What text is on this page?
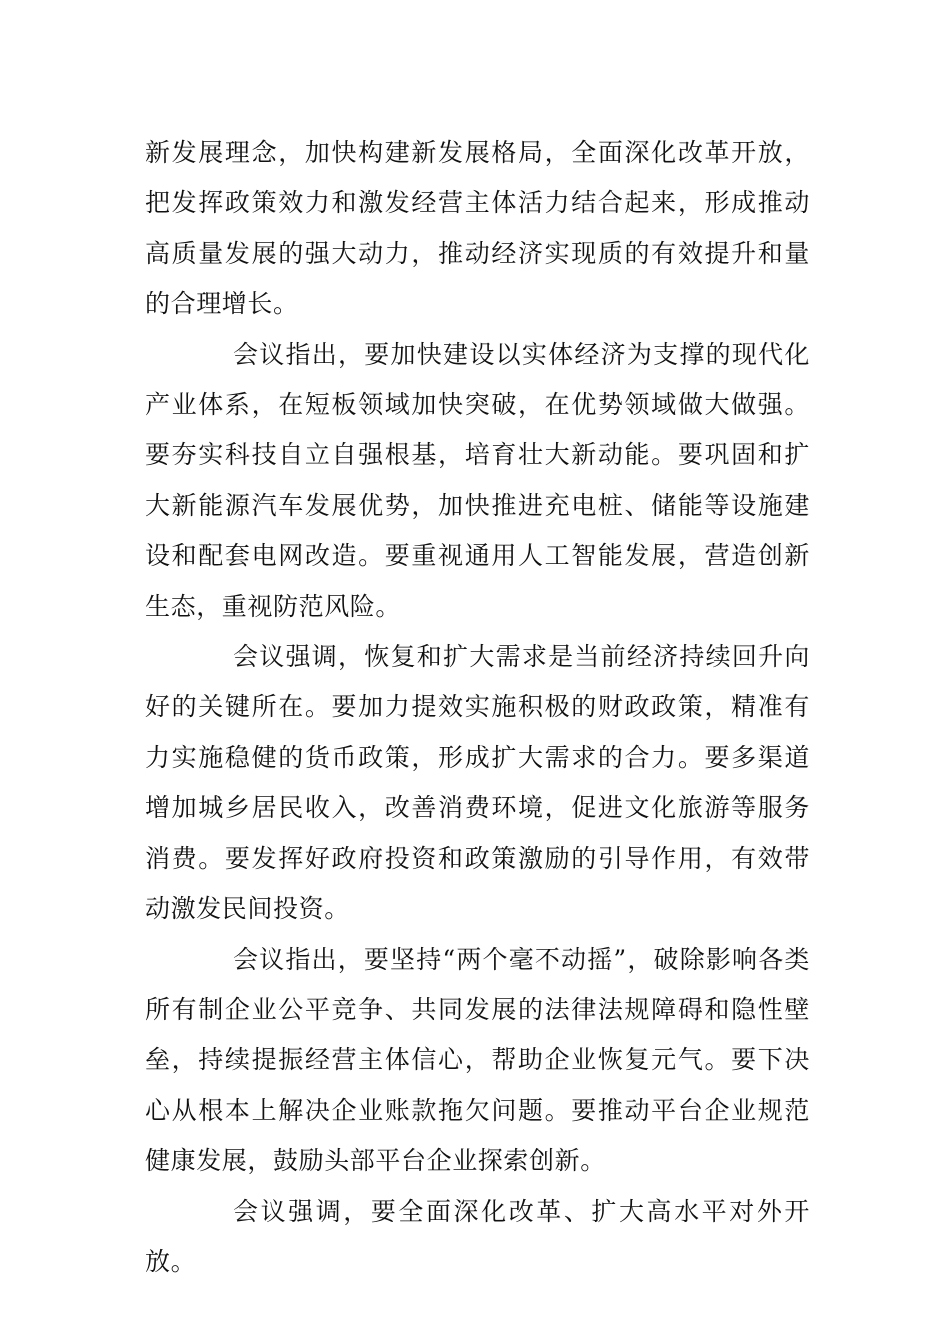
新发展理念，加快构建新发展格局，全面深化改革开放，把发挥政策效力和激发经营主体活力结合起来，形成推动高质量发展的强大动力，推动经济实现质的有效提升和量的合理增长。

会议指出，要加快建设以实体经济为支撑的现代化产业体系，在短板领域加快突破，在优势领域做大做强。要夯实科技自立自强根基，培育壮大新动能。要巩固和扩大新能源汽车发展优势，加快推进充电桩、储能等设施建设和配套电网改造。要重视通用人工智能发展，营造创新生态，重视防范风险。

会议强调，恢复和扩大需求是当前经济持续回升向好的关键所在。要加力提效实施积极的财政政策，精准有力实施稳健的货币政策，形成扩大需求的合力。要多渠道增加城乡居民收入，改善消费环境，促进文化旅游等服务消费。要发挥好政府投资和政策激励的引导作用，有效带动激发民间投资。

会议指出，要坚持“两个毫不动摇”，破除影响各类所有制企业公平竞争、共同发展的法律法规障碍和隐性壁垒，持续提振经营主体信心，帮助企业恢复元气。要下决心从根本上解决企业账款拖欠问题。要推动平台企业规范健康发展，鼓励头部平台企业探索创新。

会议强调，要全面深化改革、扩大高水平对外开放。
